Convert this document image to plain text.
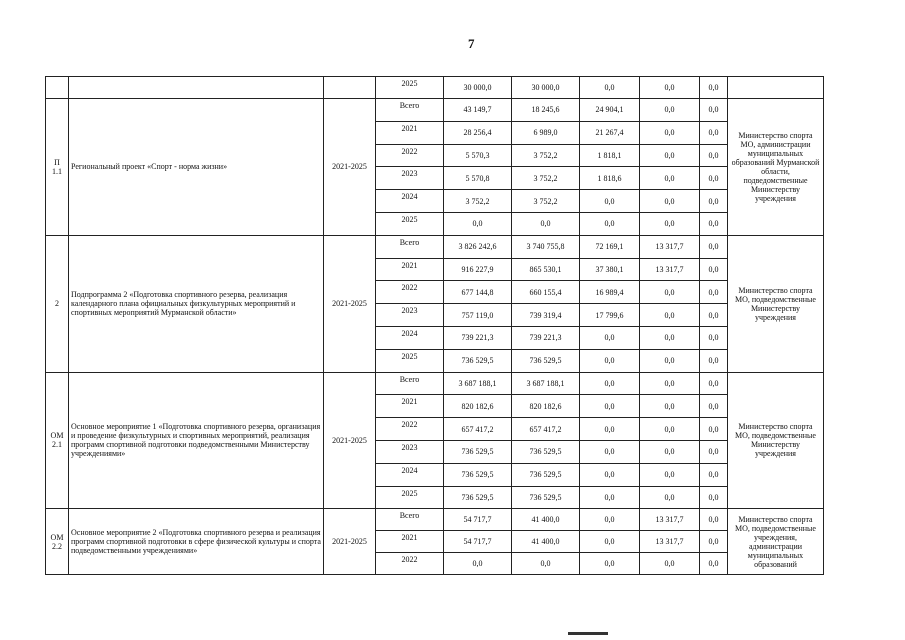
7
			2025	30 000,0	30 000,0	0,0	0,0	0,0	
П
1.1	Региональный проект «Спорт - норма жизни»	2021-2025	Всего	43 149,7	18 245,6	24 904,1	0,0	0,0	Министерство спорта МО, администрации муниципальных образований Мурманской области, подведомственные Министерству учреждения
			2021	28 256,4	6 989,0	21 267,4	0,0	0,0	
			2022	5 570,3	3 752,2	1 818,1	0,0	0,0	
			2023	5 570,8	3 752,2	1 818,6	0,0	0,0	
			2024	3 752,2	3 752,2	0,0	0,0	0,0	
			2025	0,0	0,0	0,0	0,0	0,0	
2	Подпрограмма 2 «Подготовка спортивного резерва, реализация календарного плана официальных физкультурных мероприятий и спортивных мероприятий Мурманской области»	2021-2025	Всего	3 826 242,6	3 740 755,8	72 169,1	13 317,7	0,0	Министерство спорта МО, подведомственные Министерству учреждения
			2021	916 227,9	865 530,1	37 380,1	13 317,7	0,0	
			2022	677 144,8	660 155,4	16 989,4	0,0	0,0	
			2023	757 119,0	739 319,4	17 799,6	0,0	0,0	
			2024	739 221,3	739 221,3	0,0	0,0	0,0	
			2025	736 529,5	736 529,5	0,0	0,0	0,0	
ОМ
2.1	Основное мероприятие 1 «Подготовка спортивного резерва, организация и проведение физкультурных и спортивных мероприятий, реализация программ спортивной подготовки подведомственными Министерству учреждениями»	2021-2025	Всего	3 687 188,1	3 687 188,1	0,0	0,0	0,0	Министерство спорта МО, подведомственные Министерству учреждения
			2021	820 182,6	820 182,6	0,0	0,0	0,0	
			2022	657 417,2	657 417,2	0,0	0,0	0,0	
			2023	736 529,5	736 529,5	0,0	0,0	0,0	
			2024	736 529,5	736 529,5	0,0	0,0	0,0	
			2025	736 529,5	736 529,5	0,0	0,0	0,0	
ОМ
2.2	Основное мероприятие 2 «Подготовка спортивного резерва и реализация программ спортивной подготовки в сфере физической культуры и спорта подведомственными учреждениями»	2021-2025	Всего	54 717,7	41 400,0	0,0	13 317,7	0,0	Министерство спорта МО, подведомственные учреждения, администрации муниципальных образований
			2021	54 717,7	41 400,0	0,0	13 317,7	0,0	
			2022	0,0	0,0	0,0	0,0	0,0	
